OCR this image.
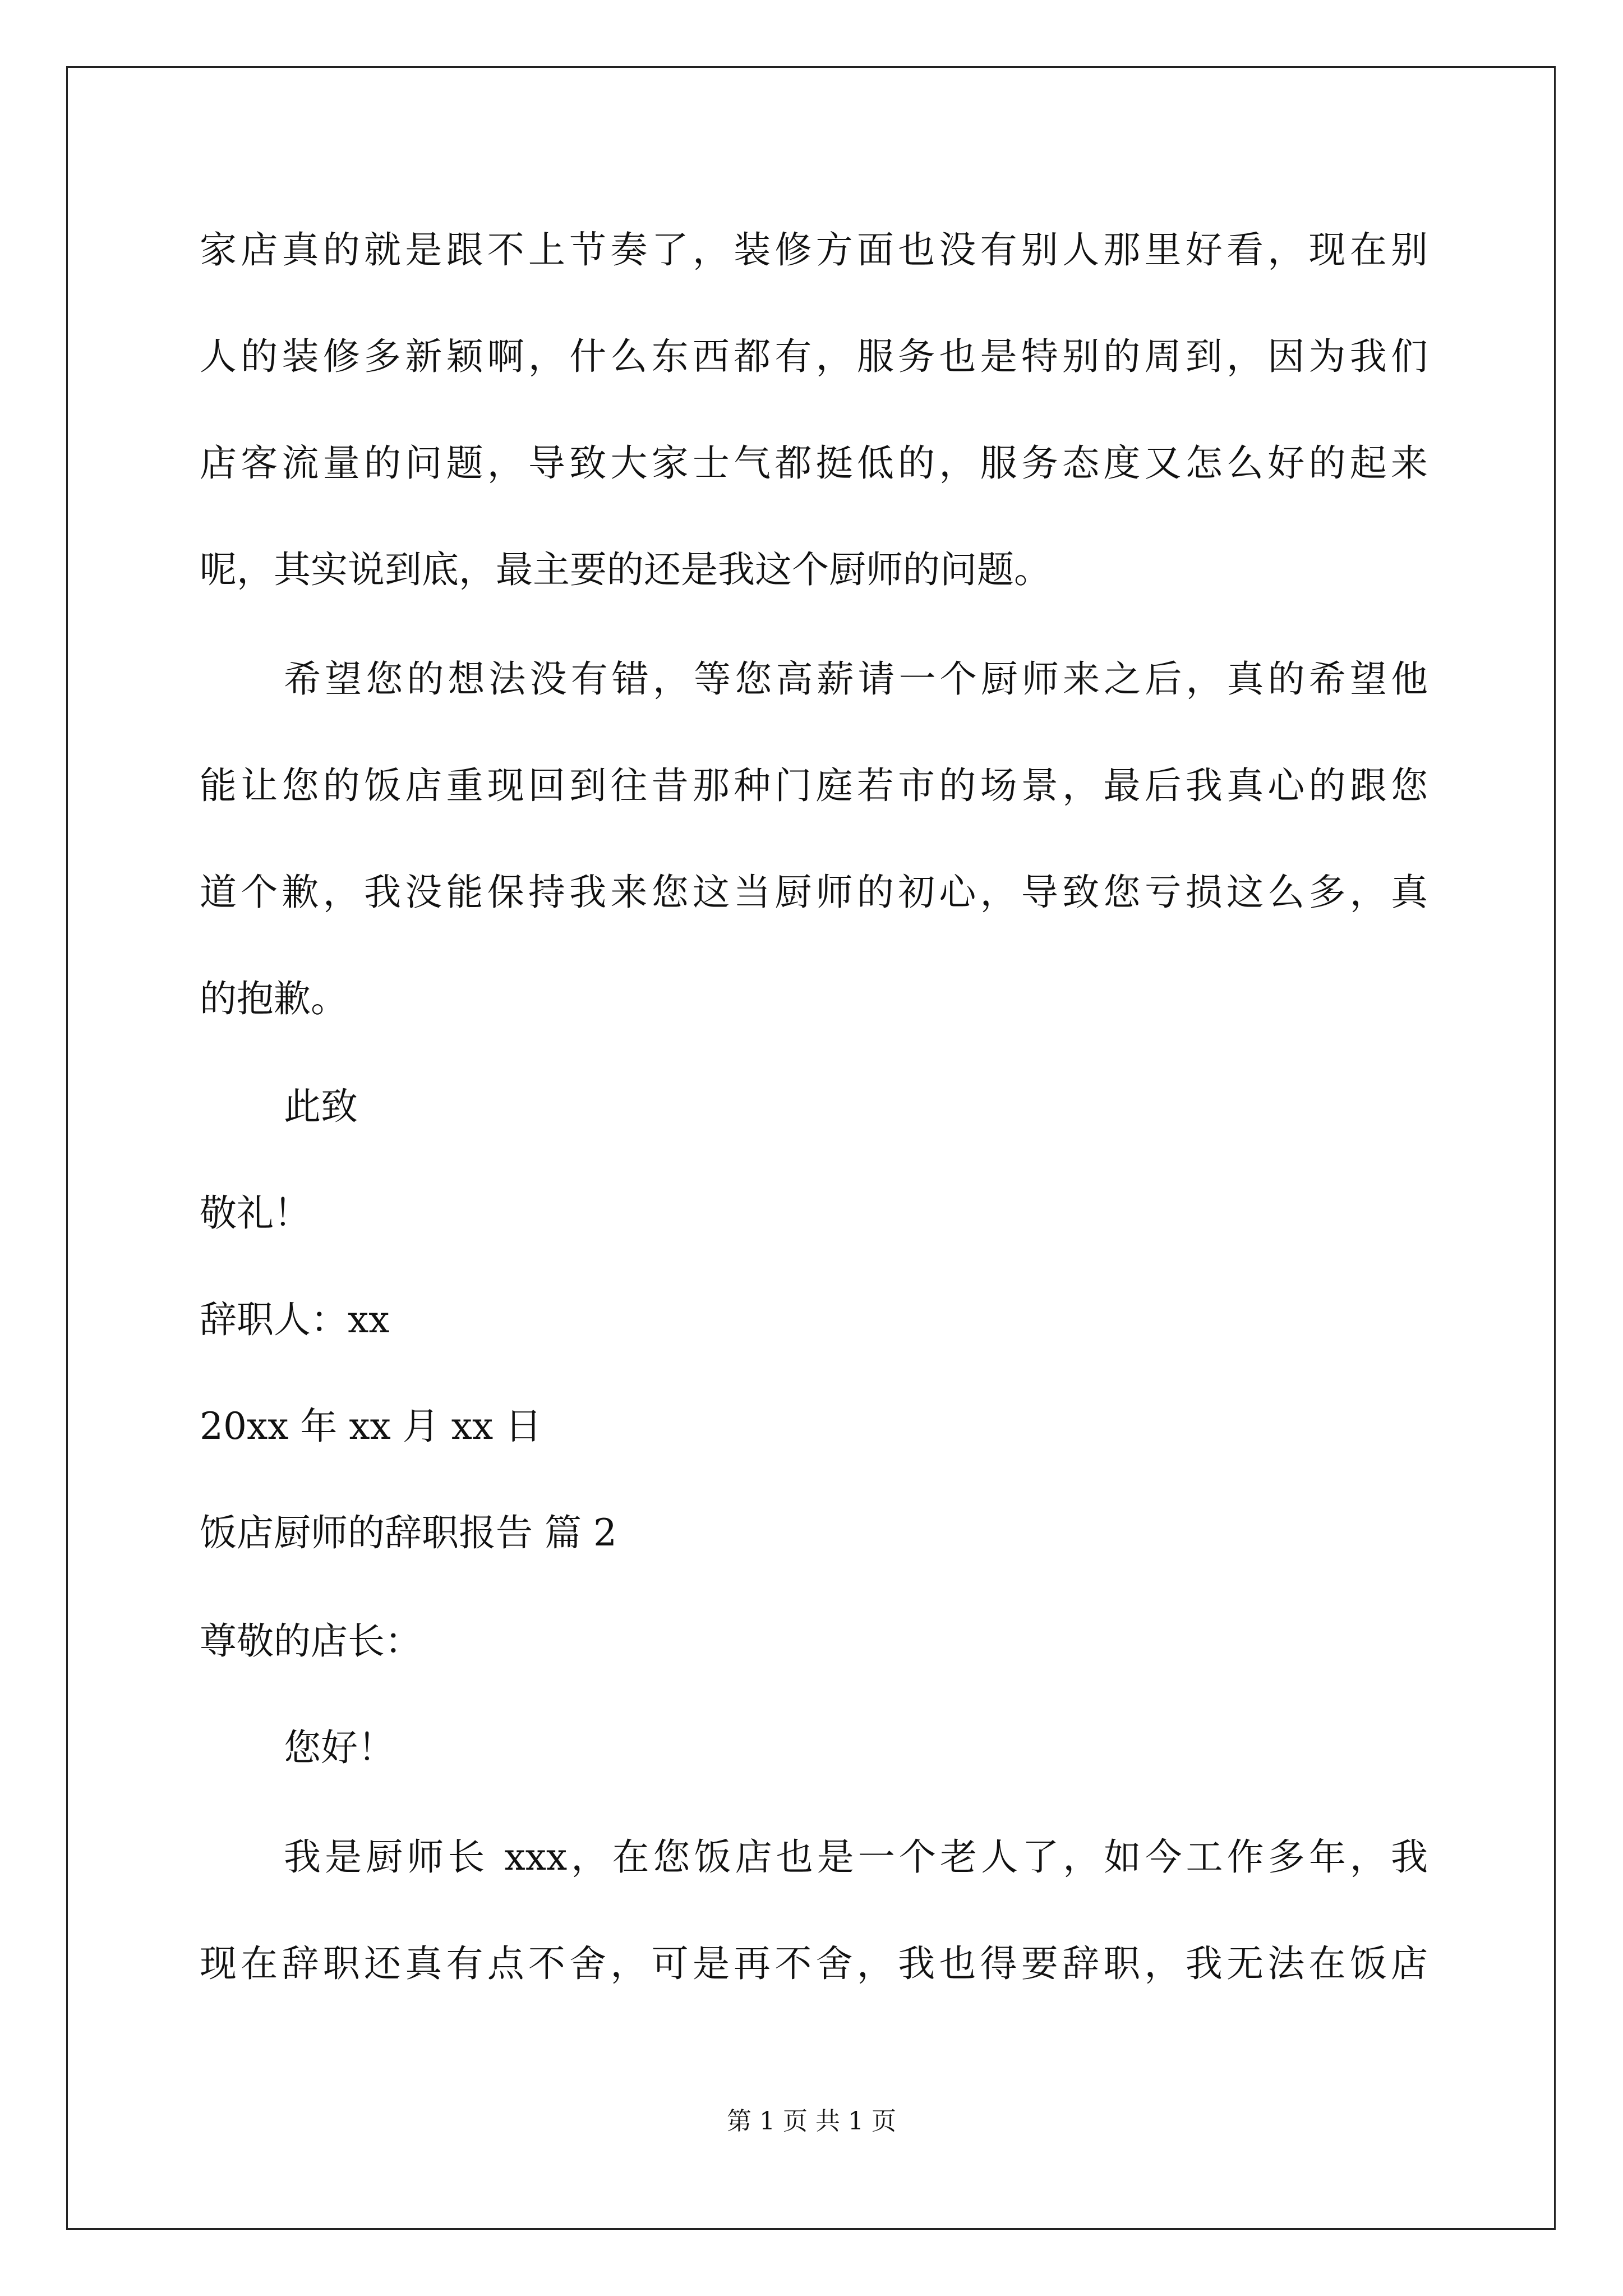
家店真的就是跟不上节奏了，装修方面也没有别人那里好看，现在别
人的装修多新颖啊，什么东西都有，服务也是特别的周到，因为我们
店客流量的问题，导致大家士气都挺低的，服务态度又怎么好的起来
呢，其实说到底，最主要的还是我这个厨师的问题。
希望您的想法没有错，等您高薪请一个厨师来之后，真的希望他
能让您的饭店重现回到往昔那种门庭若市的场景，最后我真心的跟您
道个歉，我没能保持我来您这当厨师的初心，导致您亏损这么多，真
的抱歉。
此致
敬礼！
辞职人：xx
20xx 年 xx 月 xx 日
饭店厨师的辞职报告 篇 2
尊敬的店长：
您好！
我是厨师长 xxx，在您饭店也是一个老人了，如今工作多年，我
现在辞职还真有点不舍，可是再不舍，我也得要辞职，我无法在饭店
第 1 页 共 1 页
